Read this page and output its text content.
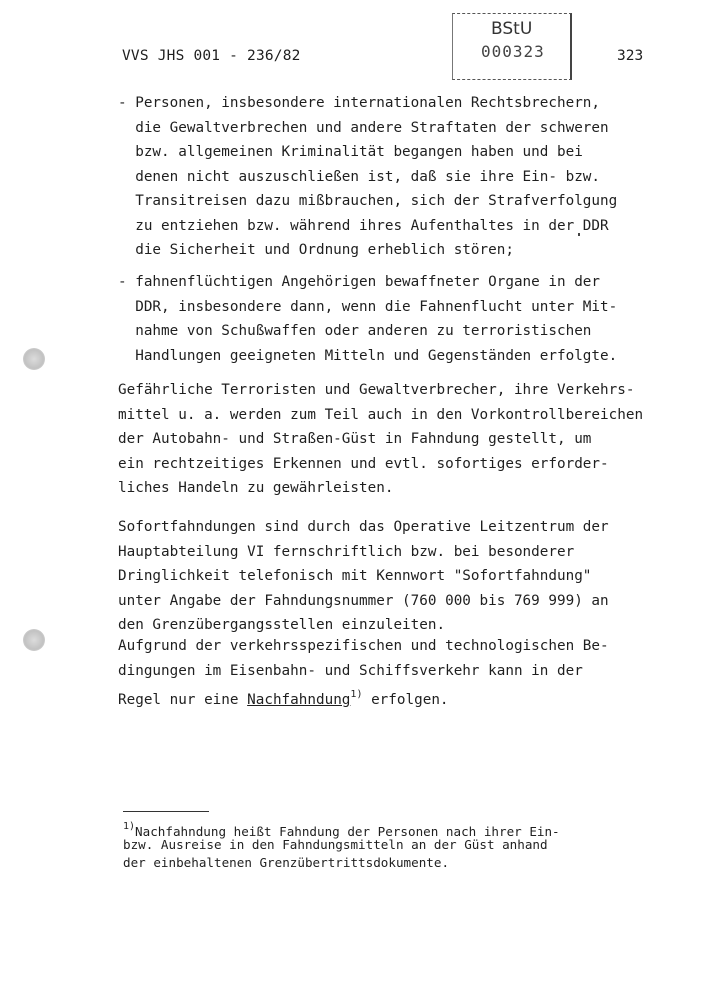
VVS JHS 001 - 236/82
BStU
000323	323
- Personen, insbesondere internationalen Rechtsbrechern,
die Gewaltverbrechen und andere Straftaten der schweren
bzw. allgemeinen Kriminalität begangen haben und bei
denen nicht auszuschließen ist, daß sie ihre Ein- bzw.
Transitreisen dazu mißbrauchen, sich der Strafverfolgung
zu entziehen bzw. während ihres Aufenthaltes in der DDR
die Sicherheit und Ordnung erheblich stören;
- fahnenflüchtigen Angehörigen bewaffneter Organe in der
DDR, insbesondere dann, wenn die Fahnenflucht unter Mit-
nahme von Schußwaffen oder anderen zu terroristischen
Handlungen geeigneten Mitteln und Gegenständen erfolgte.
Gefährliche Terroristen und Gewaltverbrecher, ihre Verkehrs-
mittel u. a. werden zum Teil auch in den Vorkontrollbereichen
der Autobahn- und Straßen-Güst in Fahndung gestellt, um
ein rechtzeitiges Erkennen und evtl. sofortiges erforder-
liches Handeln zu gewährleisten.
Sofortfahndungen sind durch das Operative Leitzentrum der
Hauptabteilung VI fernschriftlich bzw. bei besonderer
Dringlichkeit telefonisch mit Kennwort "Sofortfahndung"
unter Angabe der Fahndungsnummer (760 000 bis 769 999) an
den Grenzübergangsstellen einzuleiten.
Aufgrund der verkehrsspezifischen und technologischen Be-
dingungen im Eisenbahn- und Schiffsverkehr kann in der
Regel nur eine Nachfahndung$^{1)}$ erfolgen.
$^{1)}$Nachfahndung heißt Fahndung der Personen nach ihrer Ein-
bzw. Ausreise in den Fahndungsmitteln an der Güst anhand
der einbehaltenen Grenzübertrittsdokumente.
